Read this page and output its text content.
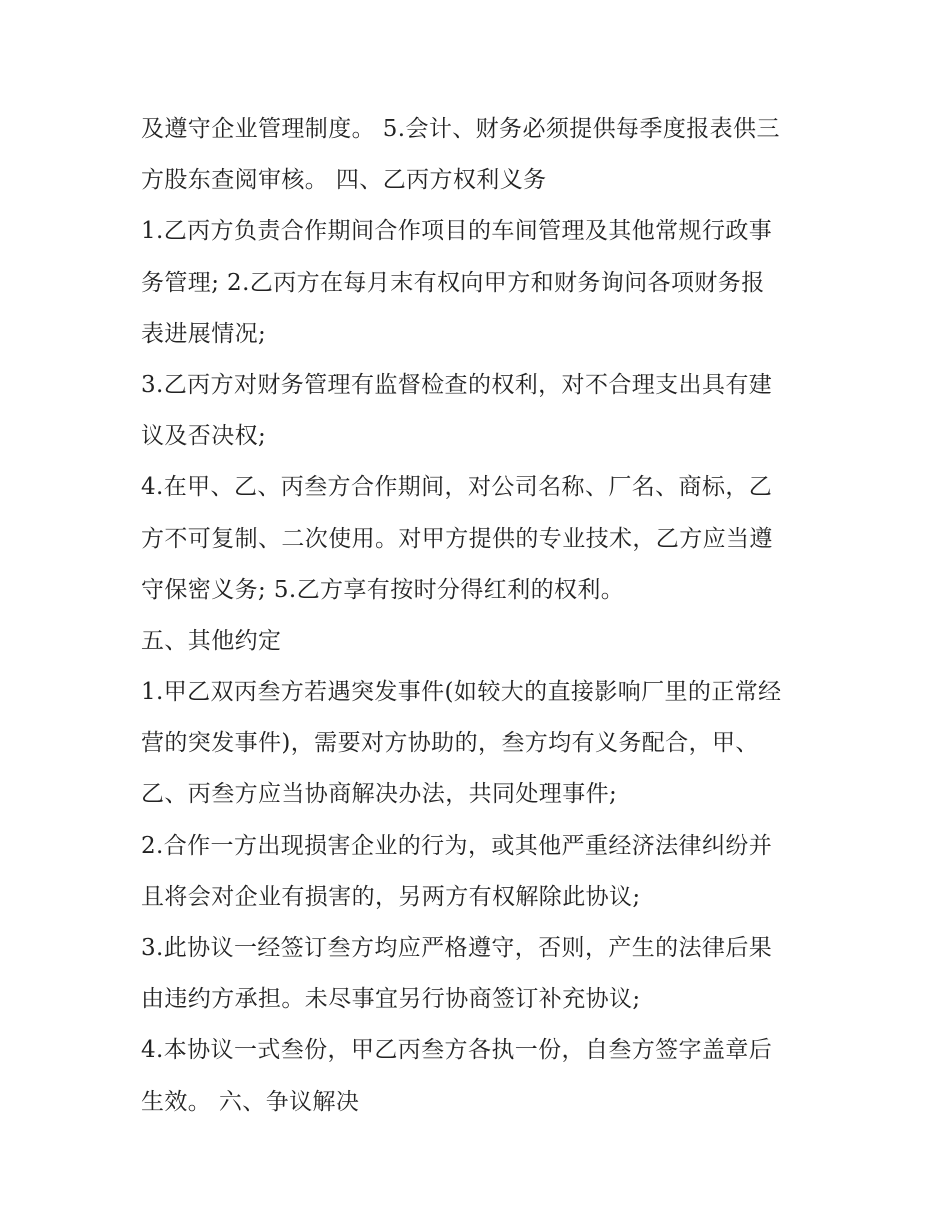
及遵守企业管理制度。 5.会计、财务必须提供每季度报表供三
方股东查阅审核。 四、乙丙方权利义务
1.乙丙方负责合作期间合作项目的车间管理及其他常规行政事
务管理; 2.乙丙方在每月末有权向甲方和财务询问各项财务报
表进展情况;
3.乙丙方对财务管理有监督检查的权利，对不合理支出具有建
议及否决权;
4.在甲、乙、丙叁方合作期间，对公司名称、厂名、商标，乙
方不可复制、二次使用。对甲方提供的专业技术，乙方应当遵
守保密义务; 5.乙方享有按时分得红利的权利。
五、其他约定
1.甲乙双丙叁方若遇突发事件(如较大的直接影响厂里的正常经
营的突发事件)，需要对方协助的，叁方均有义务配合，甲、
乙、丙叁方应当协商解决办法，共同处理事件;
2.合作一方出现损害企业的行为，或其他严重经济法律纠纷并
且将会对企业有损害的，另两方有权解除此协议;
3.此协议一经签订叁方均应严格遵守，否则，产生的法律后果
由违约方承担。未尽事宜另行协商签订补充协议;
4.本协议一式叁份，甲乙丙叁方各执一份，自叁方签字盖章后
生效。 六、争议解决
